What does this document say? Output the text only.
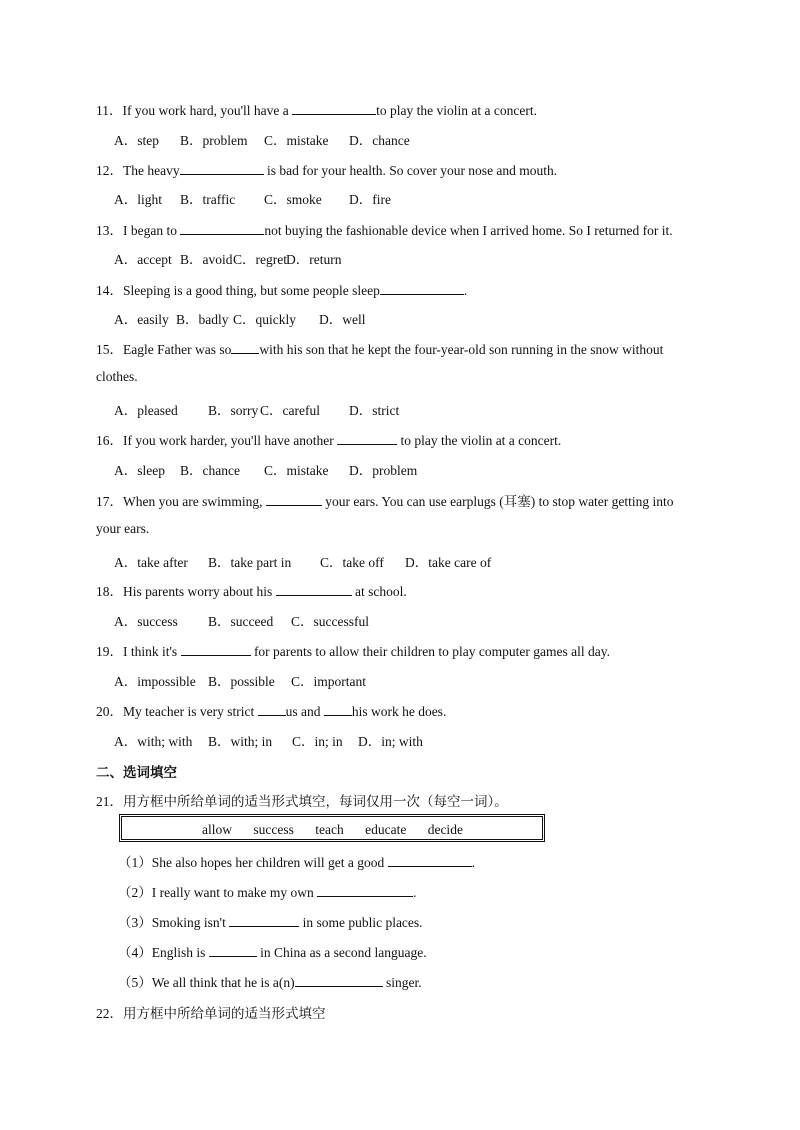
11．If you work hard, you'll have a	to play the violin at a concert.
A．step B．problem C．mistake D．chance
12．The heavy	is bad for your health. So cover your nose and mouth.
A．light B．traffic C．smoke D．fire
13．I began to	not buying the fashionable device when I arrived home. So I returned for it.
A．accept B．avoid C．regret D．return
14．Sleeping is a good thing, but some people sleep	.
A．easily B．badly C．quickly D．well
15．Eagle Father was so with his son that he kept the four-year-old son running in the snow without
clothes.
A．pleased B．sorry C．careful D．strict
16．If you work harder, you'll have another	to play the violin at a concert.
A．sleep B．chance C．mistake D．problem
17．When you are swimming,	your ears. You can use earplugs (耳塞) to stop water getting into
your ears.
A．take after B．take part in C．take off D．take care of
18．His parents worry about his	at school.
A．success B．succeed C．successful
19．I think it's	for parents to allow their children to play computer games all day.
A．impossible B．possible C．important
20．My teacher is very strict us and his work he does.
A．with; with B．with; in C．in; in D．in; with
二、选词填空
21．用方框中所给单词的适当形式填空，每词仅用一次（每空一词）。
allow success teach educate decide
（1）She also hopes her children will get a good	.
（2）I really want to make my own	.
（3）Smoking isn't	in some public places.
（4）English is	in China as a second language.
（5）We all think that he is a(n)	singer.
22．用方框中所给单词的适当形式填空
